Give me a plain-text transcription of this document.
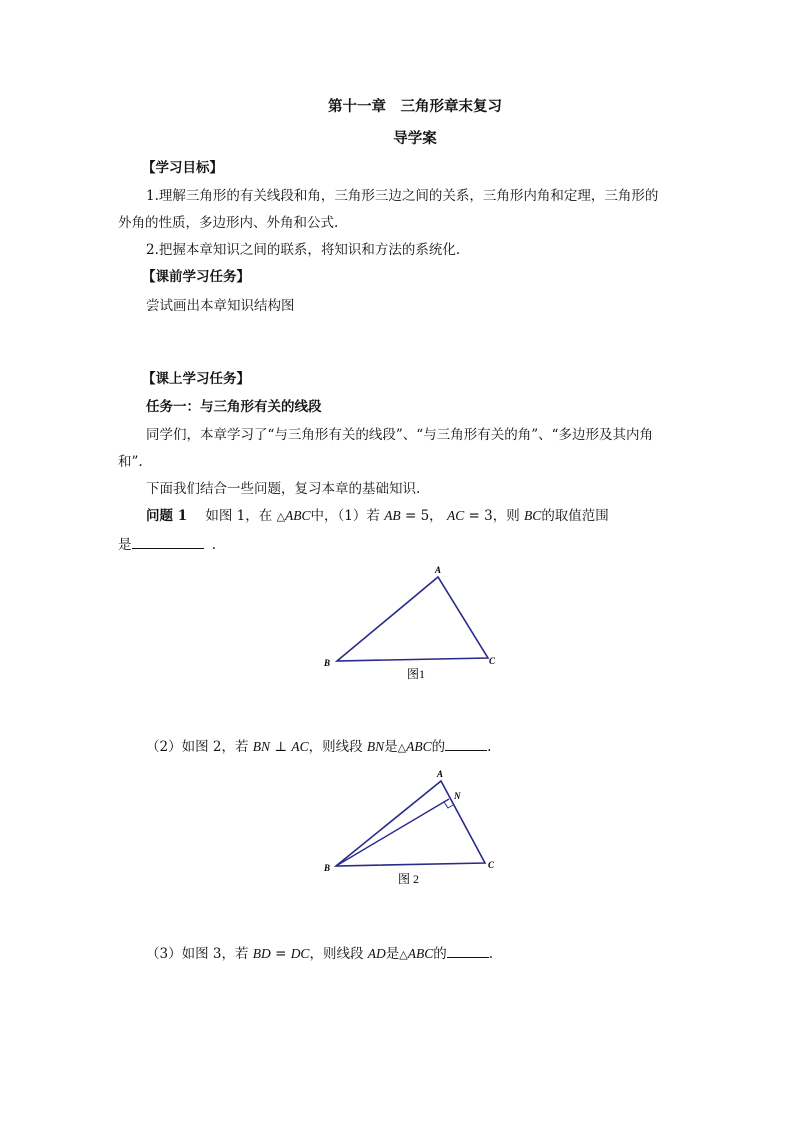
第十一章　三角形章末复习
导学案
【学习目标】
1.理解三角形的有关线段和角，三角形三边之间的关系，三角形内角和定理，三角形的
外角的性质，多边形内、外角和公式.
2.把握本章知识之间的联系，将知识和方法的系统化.
【课前学习任务】
尝试画出本章知识结构图
【课上学习任务】
任务一：与三角形有关的线段
同学们，本章学习了“与三角形有关的线段”、“与三角形有关的角”、“多边形及其内角
和”.
下面我们结合一些问题，复习本章的基础知识.
问题 1 如图 1，在 △ABC中，（1）若 AB = 5， AC = 3，则 BC的取值范围
是	.
A
B	C
图1
（2）如图 2，若 BN ⊥ AC，则线段 BN是△ABC的	.
A
N
B	C
图 2
（3）如图 3，若 BD = DC，则线段 AD是△ABC的	.
